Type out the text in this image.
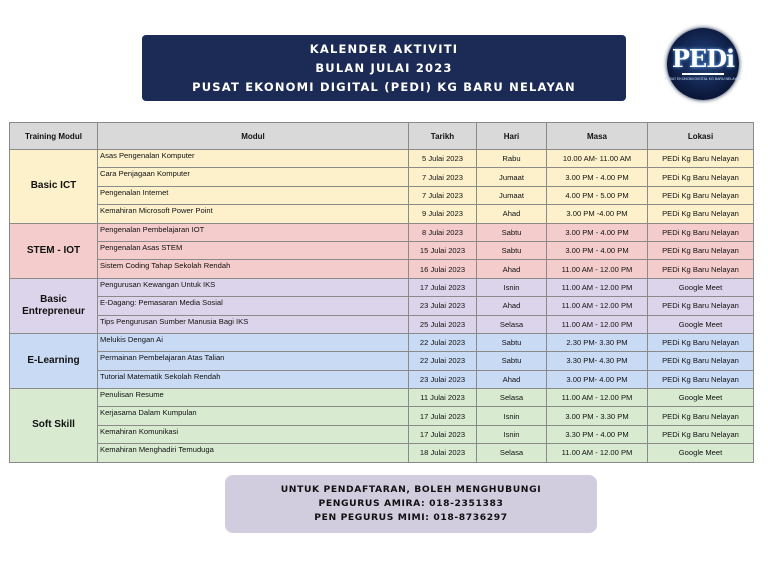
KALENDER AKTIVITI
BULAN JULAI 2023
PUSAT EKONOMI DIGITAL (PEDI) KG BARU NELAYAN
PEDi
PUSAT EKONOMI DIGITAL KG BARU NELAYAN
Training Modul	Modul	Tarikh	Hari	Masa	Lokasi
Basic ICT	Asas Pengenalan Komputer	5 Julai 2023	Rabu	10.00 AM- 11.00 AM	PEDi Kg Baru Nelayan
	Cara Penjagaan Komputer	7 Julai 2023	Jumaat	3.00 PM - 4.00 PM	PEDi Kg Baru Nelayan
	Pengenalan Internet	7 Julai 2023	Jumaat	4.00 PM - 5.00 PM	PEDi Kg Baru Nelayan
	Kemahiran Microsoft Power Point	9 Julai 2023	Ahad	3.00 PM -4.00 PM	PEDi Kg Baru Nelayan
STEM - IOT	Pengenalan Pembelajaran IOT	8 Julai 2023	Sabtu	3.00 PM - 4.00 PM	PEDi Kg Baru Nelayan
	Pengenalan Asas STEM	15 Julai 2023	Sabtu	3.00 PM - 4.00 PM	PEDi Kg Baru Nelayan
	Sistem Coding Tahap Sekolah Rendah	16 Julai 2023	Ahad	11.00 AM - 12.00 PM	PEDi Kg Baru Nelayan
Basic Entrepreneur	Pengurusan Kewangan Untuk IKS	17 Julai 2023	Isnin	11.00 AM - 12.00 PM	Google Meet
	E-Dagang: Pemasaran Media Sosial	23 Julai 2023	Ahad	11.00 AM - 12.00 PM	PEDi Kg Baru Nelayan
	Tips Pengurusan Sumber Manusia Bagi IKS	25 Julai 2023	Selasa	11.00 AM - 12.00 PM	Google Meet
E-Learning	Melukis Dengan Ai	22 Julai 2023	Sabtu	2.30 PM- 3.30 PM	PEDi Kg Baru Nelayan
	Permainan Pembelajaran Atas Talian	22 Julai 2023	Sabtu	3.30 PM- 4.30 PM	PEDi Kg Baru Nelayan
	Tutorial Matematik Sekolah Rendah	23 Julai 2023	Ahad	3.00 PM- 4.00 PM	PEDi Kg Baru Nelayan
Soft Skill	Penulisan Resume	11 Julai 2023	Selasa	11.00 AM - 12.00 PM	Google Meet
	Kerjasama Dalam Kumpulan	17 Julai 2023	Isnin	3.00 PM - 3.30 PM	PEDi Kg Baru Nelayan
	Kemahiran Komunikasi	17 Julai 2023	Isnin	3.30 PM - 4.00 PM	PEDi Kg Baru Nelayan
	Kemahiran Menghadiri Temuduga	18 Julai 2023	Selasa	11.00 AM - 12.00 PM	Google Meet
UNTUK PENDAFTARAN, BOLEH MENGHUBUNGI
PENGURUS AMIRA: 018-2351383
PEN PEGURUS MIMI: 018-8736297
